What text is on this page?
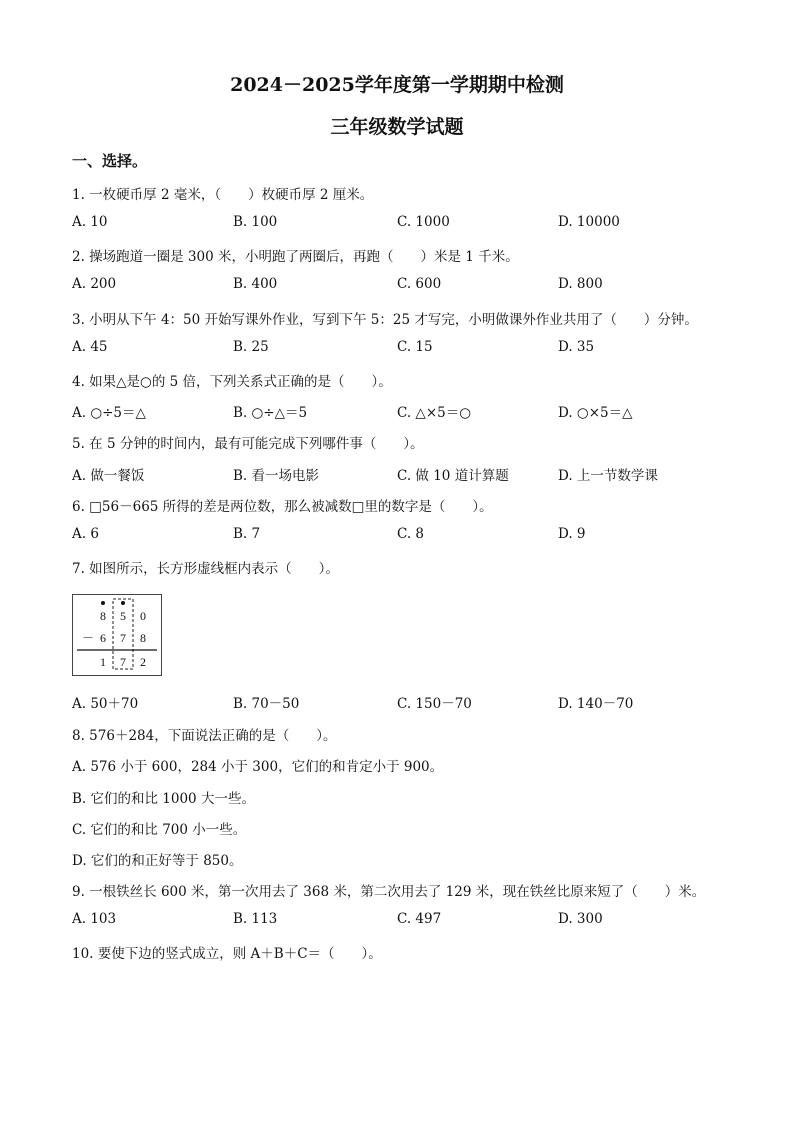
2024－2025学年度第一学期期中检测
三年级数学试题
一、选择。
1. 一枚硬币厚 2 毫米，（　　）枚硬币厚 2 厘米。
A. 10	B. 100	C. 1000	D. 10000
2. 操场跑道一圈是 300 米，小明跑了两圈后，再跑（　　）米是 1 千米。
A. 200	B. 400	C. 600	D. 800
3. 小明从下午 4：50 开始写课外作业，写到下午 5：25 才写完，小明做课外作业共用了（　　）分钟。
A. 45	B. 25	C. 15	D. 35
4. 如果△是○的 5 倍，下列关系式正确的是（　　）。
A. ○÷5＝△	B. ○÷△＝5	C. △×5＝○	D. ○×5＝△
5. 在 5 分钟的时间内，最有可能完成下列哪件事（　　）。
A. 做一餐饭	B. 看一场电影	C. 做 10 道计算题	D. 上一节数学课
6. □56－665 所得的差是两位数，那么被减数□里的数字是（　　）。
A. 6	B. 7	C. 8	D. 9
7. 如图所示，长方形虚线框内表示（　　）。
8 5 0
－ 6 7 8
1 7 2
A. 50＋70	B. 70－50	C. 150－70	D. 140－70
8. 576＋284，下面说法正确的是（　　）。
A. 576 小于 600，284 小于 300，它们的和肯定小于 900。
B. 它们的和比 1000 大一些。
C. 它们的和比 700 小一些。
D. 它们的和正好等于 850。
9. 一根铁丝长 600 米，第一次用去了 368 米，第二次用去了 129 米，现在铁丝比原来短了（　　）米。
A. 103	B. 113	C. 497	D. 300
10. 要使下边的竖式成立，则 A＋B＋C＝（　　）。
